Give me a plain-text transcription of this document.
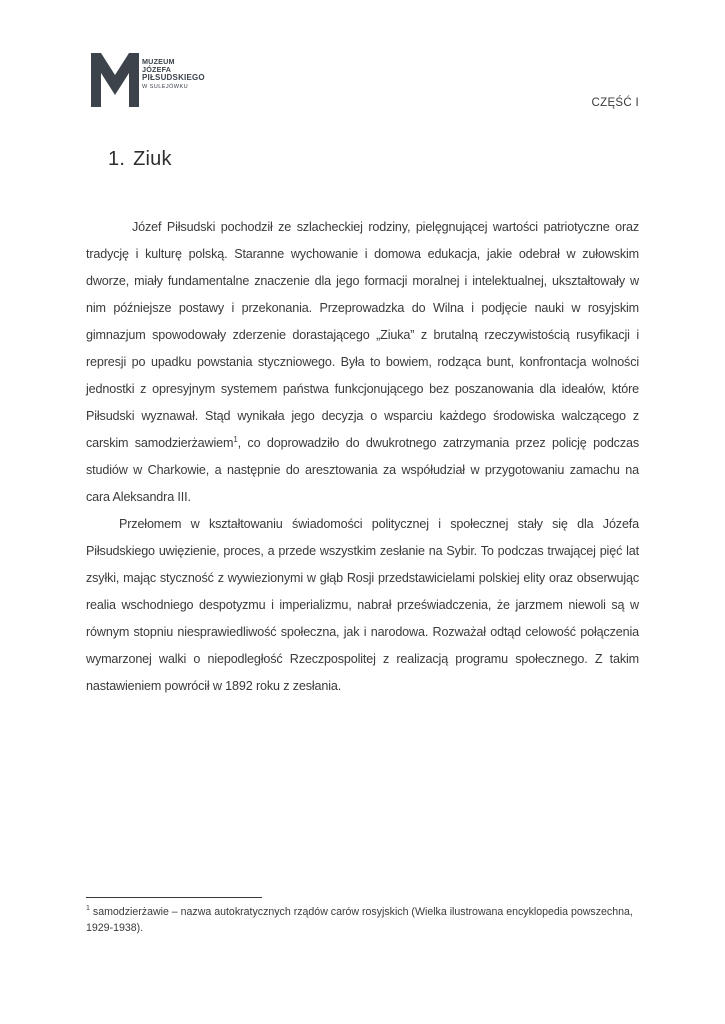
MUZEUM
JÓZEFA
PIŁSUDSKIEGO
W SULEJÓWKU
CZĘŚĆ I
1. Ziuk

Józef Piłsudski pochodził ze szlacheckiej rodziny, pielęgnującej wartości patriotyczne oraz tradycję i kulturę polską. Staranne wychowanie i domowa edukacja, jakie odebrał w zułowskim dworze, miały fundamentalne znaczenie dla jego formacji moralnej i intelektualnej, ukształtowały w nim późniejsze postawy i przekonania. Przeprowadzka do Wilna i podjęcie nauki w rosyjskim gimnazjum spowodowały zderzenie dorastającego „Ziuka” z brutalną rzeczywistością rusyfikacji i represji po upadku powstania styczniowego. Była to bowiem, rodząca bunt, konfrontacja wolności jednostki z opresyjnym systemem państwa funkcjonującego bez poszanowania dla ideałów, które Piłsudski wyznawał. Stąd wynikała jego decyzja o wsparciu każdego środowiska walczącego z carskim samodzierżawiem$^1$, co doprowadziło do dwukrotnego zatrzymania przez policję podczas studiów w Charkowie, a następnie do aresztowania za współudział w przygotowaniu zamachu na cara Aleksandra III.

Przełomem w kształtowaniu świadomości politycznej i społecznej stały się dla Józefa Piłsudskiego uwięzienie, proces, a przede wszystkim zesłanie na Sybir. To podczas trwającej pięć lat zsyłki, mając styczność z wywiezionymi w głąb Rosji przedstawicielami polskiej elity oraz obserwując realia wschodniego despotyzmu i imperializmu, nabrał przeświadczenia, że jarzmem niewoli są w równym stopniu niesprawiedliwość społeczna, jak i narodowa. Rozważał odtąd celowość połączenia wymarzonej walki o niepodległość Rzeczpospolitej z realizacją programu społecznego. Z takim nastawieniem powrócił w 1892 roku z zesłania.

$^1$ samodzierżawie – nazwa autokratycznych rządów carów rosyjskich (Wielka ilustrowana encyklopedia powszechna, 1929-1938).
